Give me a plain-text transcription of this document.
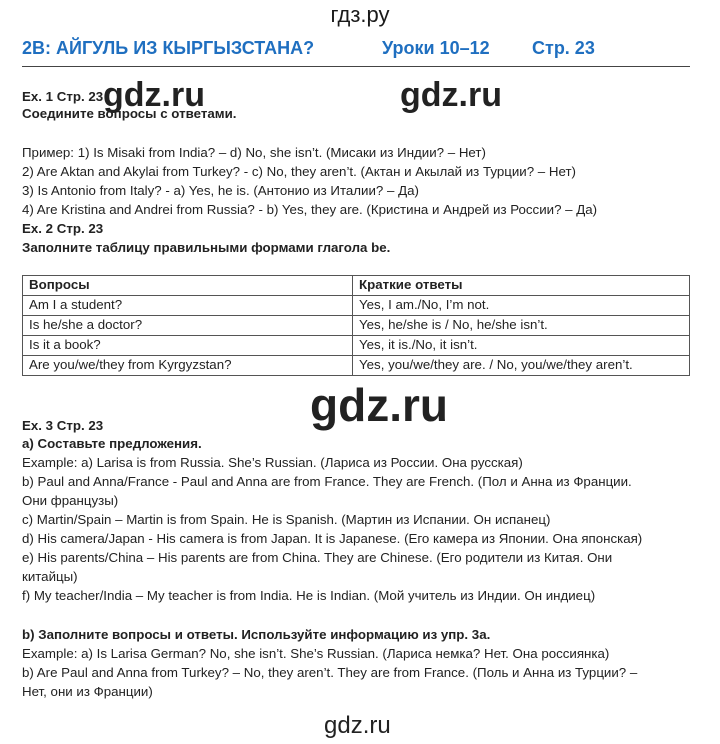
гдз.ру
2В: АЙГУЛЬ ИЗ КЫРГЫЗСТАНА?	Уроки 10–12 Стр. 23
Ex. 1 Стр. 23
Соедините вопросы с ответами.
Пример: 1) Is Misaki from India? – d) No, she isn’t. (Мисаки из Индии? – Нет)
2) Are Aktan and Akylai from Turkey? - c) No, they aren’t. (Актан и Акылай из Турции? – Нет)
3) Is Antonio from Italy? - a) Yes, he is. (Антонио из Италии? – Да)
4) Are Kristina and Andrei from Russia? - b) Yes, they are. (Кристина и Андрей из России? – Да)
Ex. 2 Стр. 23
Заполните таблицу правильными формами глагола be.
Вопросы	Краткие ответы
Am I a student?	Yes, I am./No, I’m not.
Is he/she a doctor?	Yes, he/she is / No, he/she isn’t.
Is it a book?	Yes, it is./No, it isn’t.
Are you/we/they from Kyrgyzstan?	Yes, you/we/they are. / No, you/we/they aren’t.
Ex. 3 Стр. 23
а) Составьте предложения.
Example: a) Larisa is from Russia. She’s Russian. (Лариса из России. Она русская)
b) Paul and Anna/France - Paul and Anna are from France. They are French. (Пол и Анна из Франции.
Они французы)
c) Martin/Spain – Martin is from Spain. He is Spanish. (Мартин из Испании. Он испанец)
d) His camera/Japan - His camera is from Japan. It is Japanese. (Его камера из Японии. Она японская)
e) His parents/China – His parents are from China. They are Chinese. (Его родители из Китая. Они
китайцы)
f) My teacher/India – My teacher is from India. He is Indian. (Мой учитель из Индии. Он индиец)
b) Заполните вопросы и ответы. Используйте информацию из упр. 3а.
Example: a) Is Larisa German? No, she isn’t. She’s Russian. (Лариса немка? Нет. Она россиянка)
b) Are Paul and Anna from Turkey? – No, they aren’t. They are from France. (Поль и Анна из Турции? –
Нет, они из Франции)
gdz.ru	gdz.ru
gdz.ru
gdz.ru
